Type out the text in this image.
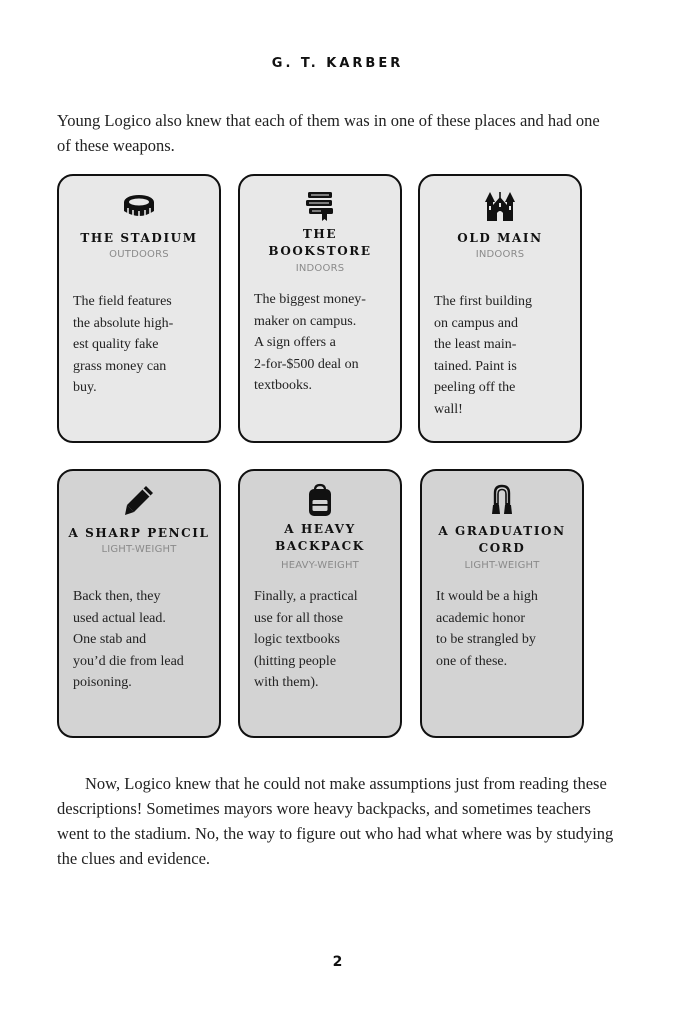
G. T. KARBER

Young Logico also knew that each of them was in one of these places and had one of these weapons.

THE STADIUM
OUTDOORS
The field features
the absolute high-
est quality fake
grass money can
buy.
THE
BOOKSTORE
INDOORS
The biggest money-
maker on campus.
A sign offers a
2-for-$500 deal on
textbooks.
OLD MAIN
INDOORS
The first building
on campus and
the least main-
tained. Paint is
peeling off the
wall!
A SHARP PENCIL
LIGHT-WEIGHT
Back then, they
used actual lead.
One stab and
you’d die from lead
poisoning.
A HEAVY
BACKPACK
HEAVY-WEIGHT
Finally, a practical
use for all those
logic textbooks
(hitting people
with them).
A GRADUATION
CORD
LIGHT-WEIGHT
It would be a high
academic honor
to be strangled by
one of these.

Now, Logico knew that he could not make assumptions just from reading these descriptions! Sometimes mayors wore heavy backpacks, and sometimes teachers went to the stadium. No, the way to figure out who had what where was by studying the clues and evidence.

2
